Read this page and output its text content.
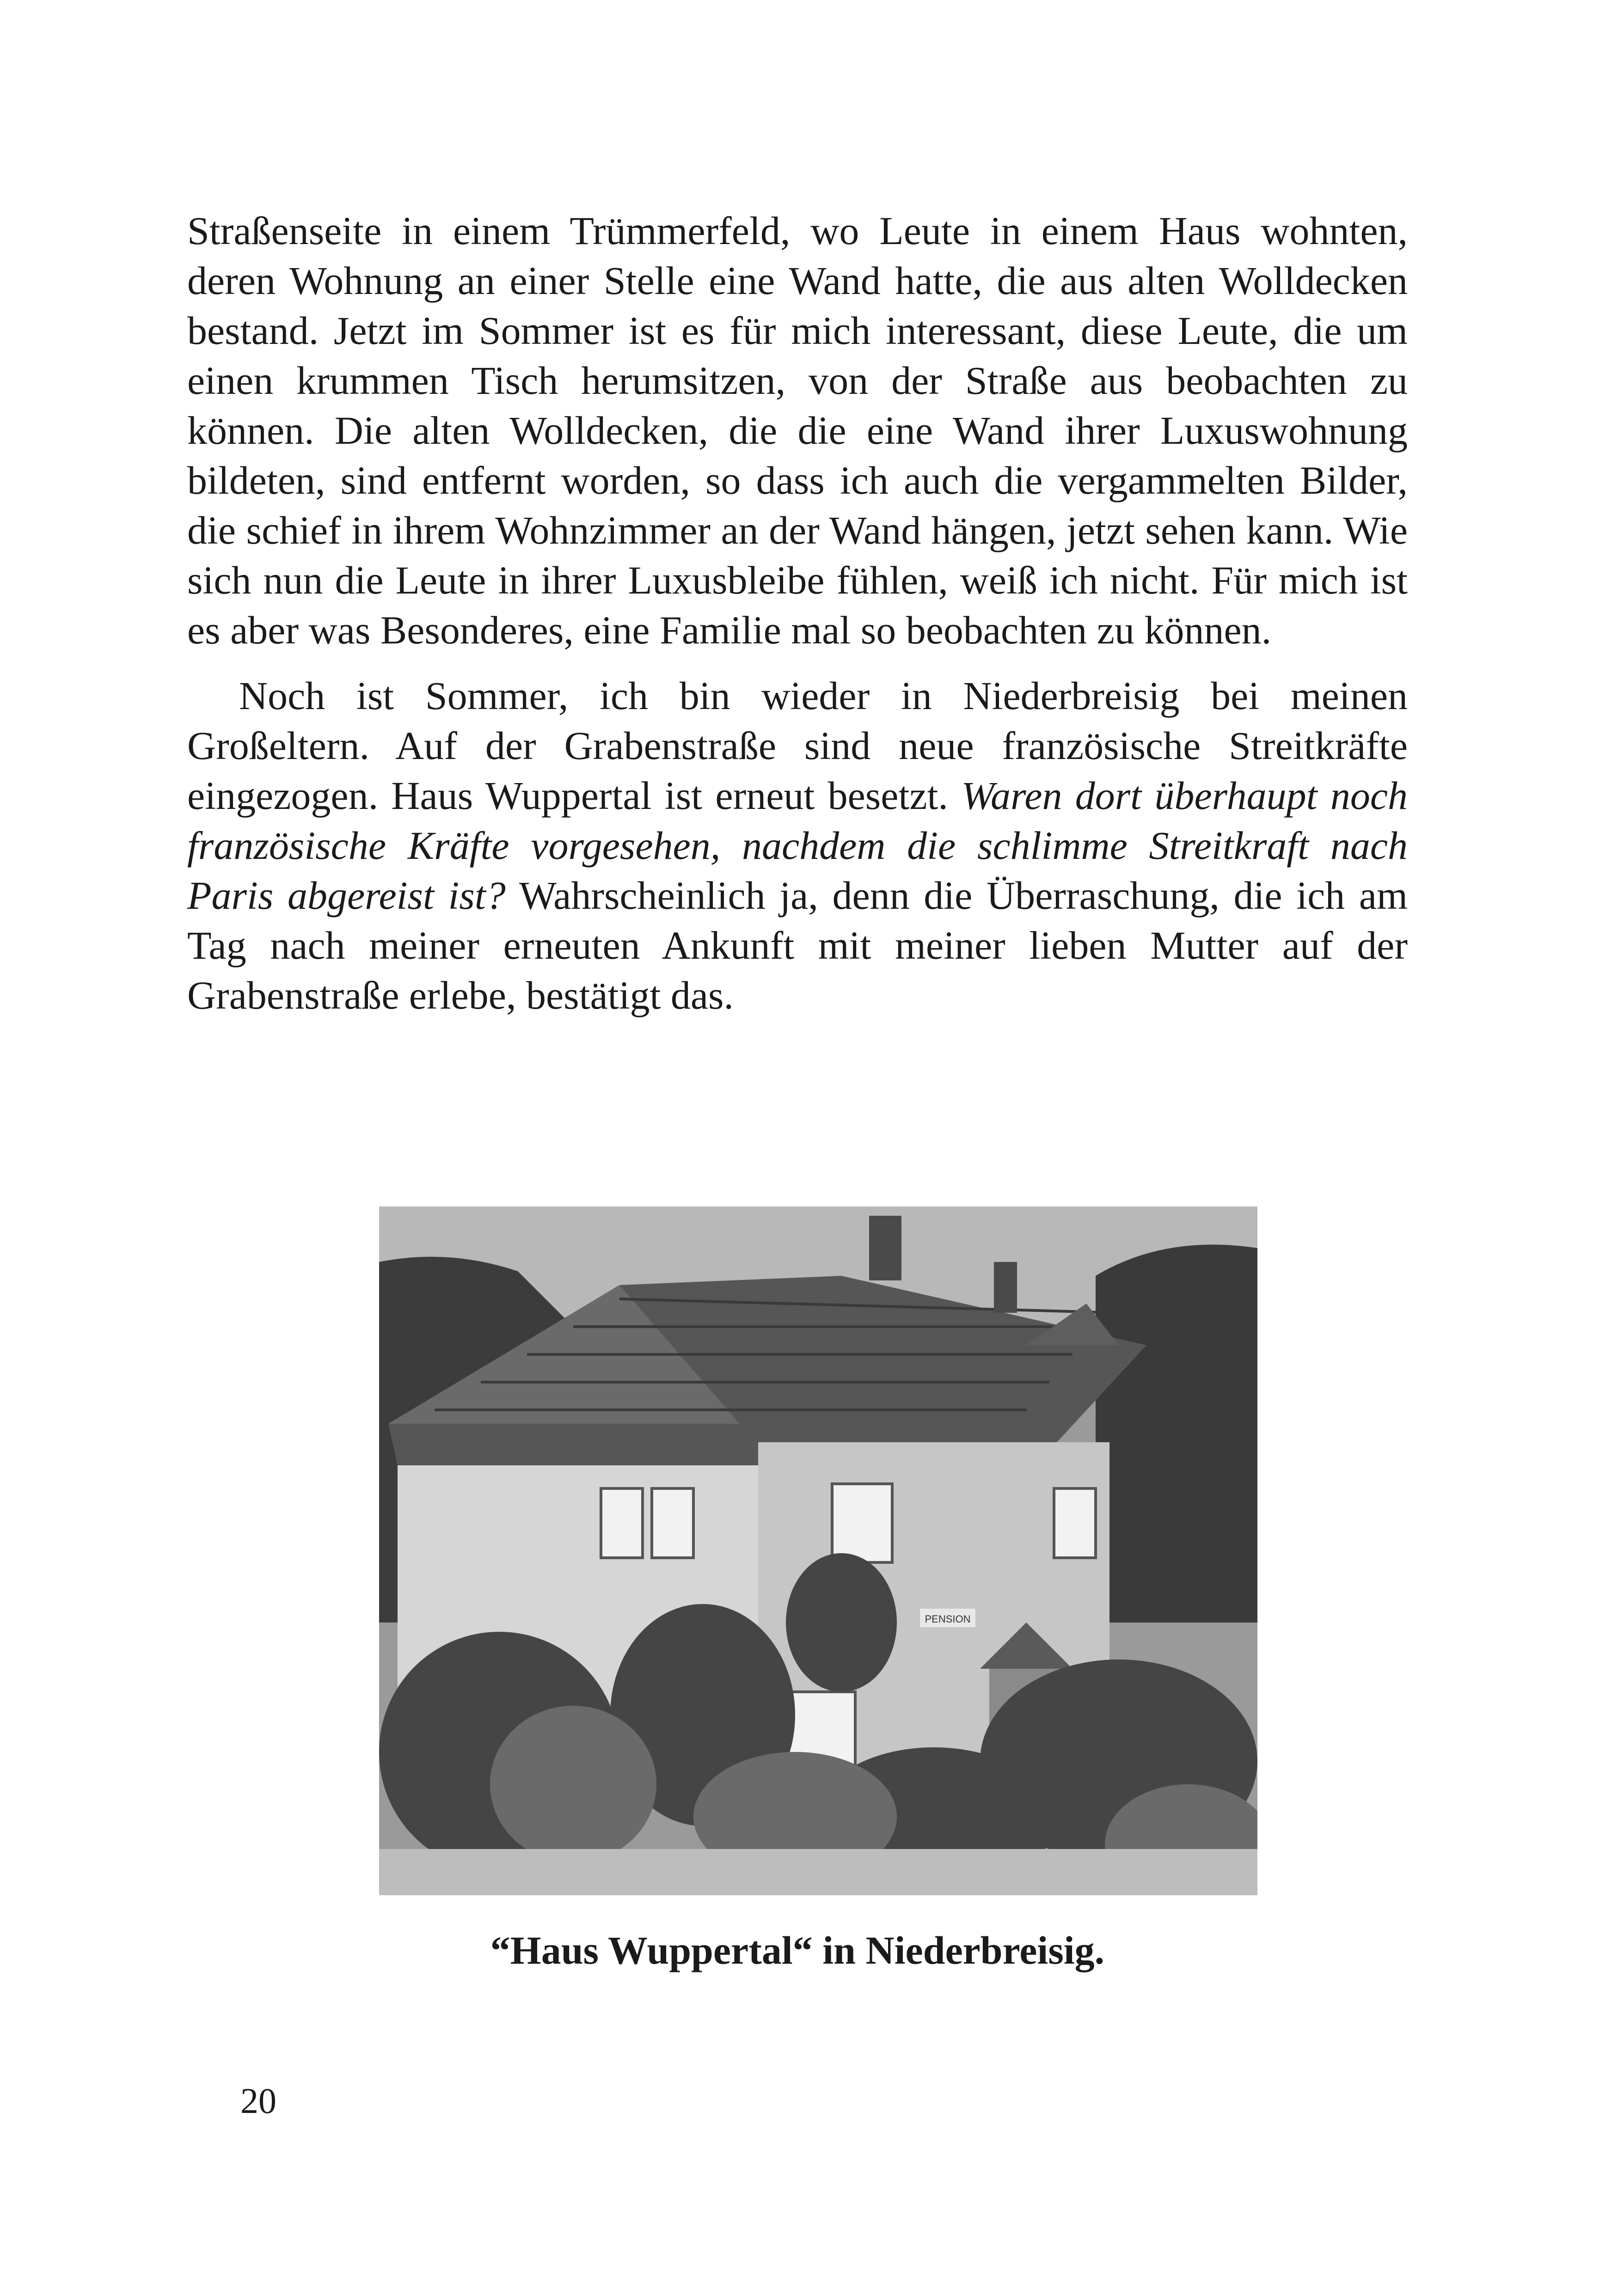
Straßenseite in einem Trümmerfeld, wo Leute in einem Haus wohnten, deren Wohnung an einer Stelle eine Wand hatte, die aus alten Wolldecken bestand. Jetzt im Sommer ist es für mich interessant, diese Leute, die um einen krummen Tisch herumsitzen, von der Straße aus beobachten zu können. Die alten Wolldecken, die die eine Wand ihrer Luxuswohnung bildeten, sind entfernt worden, so dass ich auch die vergammelten Bilder, die schief in ihrem Wohnzimmer an der Wand hängen, jetzt sehen kann. Wie sich nun die Leute in ihrer Luxusbleibe fühlen, weiß ich nicht. Für mich ist es aber was Besonderes, eine Familie mal so beobachten zu können.

Noch ist Sommer, ich bin wieder in Niederbreisig bei meinen Großeltern. Auf der Grabenstraße sind neue französische Streitkräfte eingezogen. Haus Wuppertal ist erneut besetzt. Waren dort überhaupt noch französische Kräfte vorgesehen, nachdem die schlimme Streitkraft nach Paris abgereist ist? Wahrscheinlich ja, denn die Überraschung, die ich am Tag nach meiner erneuten Ankunft mit meiner lieben Mutter auf der Grabenstraße erlebe, bestätigt das.

PENSION
“Haus Wuppertal“ in Niederbreisig.
20
